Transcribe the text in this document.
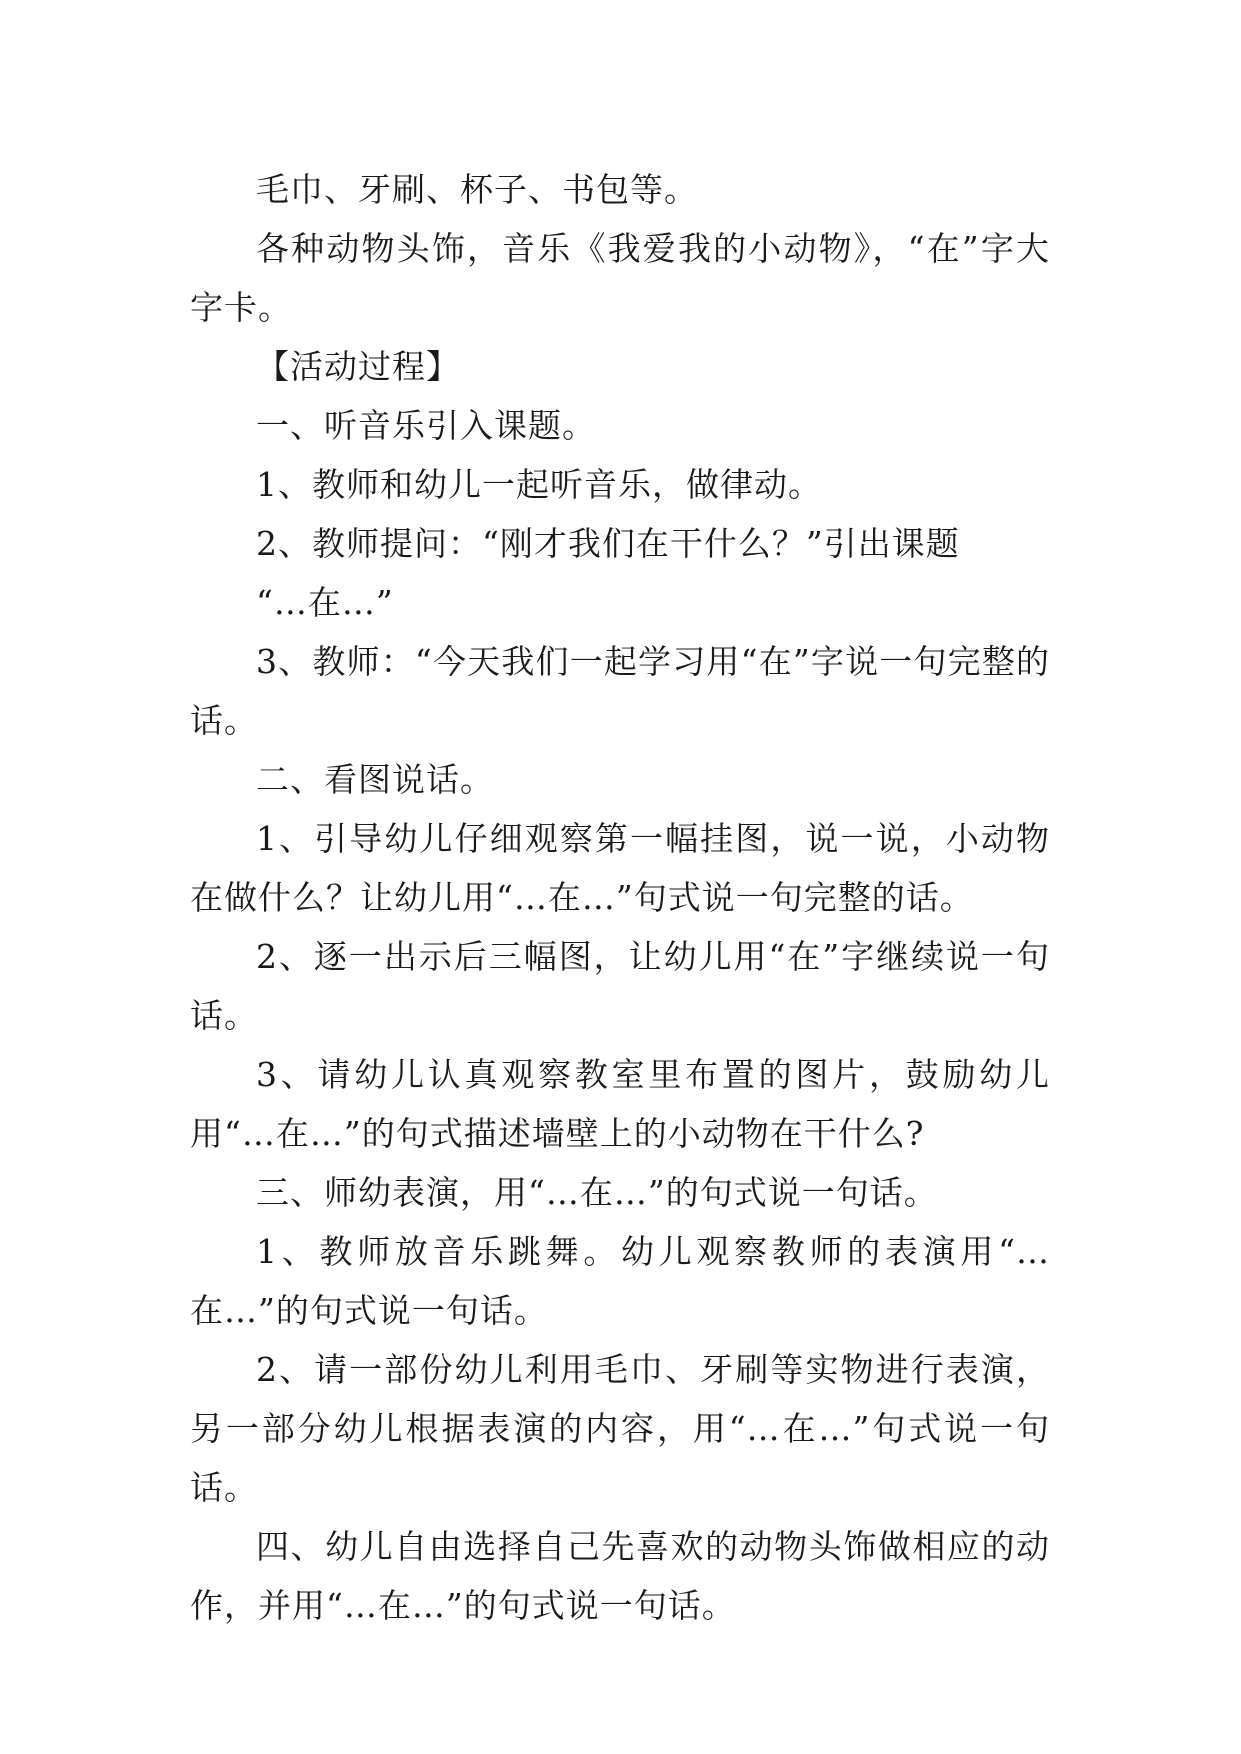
毛巾、牙刷、杯子、书包等。

各种动物头饰，音乐《我爱我的小动物》，“在”字大字卡。

【活动过程】

一、听音乐引入课题。

1、教师和幼儿一起听音乐，做律动。

2、教师提问：“刚才我们在干什么？”引出课题

“…在…”

3、教师：“今天我们一起学习用“在”字说一句完整的话。

二、看图说话。

1、引导幼儿仔细观察第一幅挂图，说一说，小动物在做什么？让幼儿用“…在…”句式说一句完整的话。

2、逐一出示后三幅图，让幼儿用“在”字继续说一句话。

3、请幼儿认真观察教室里布置的图片，鼓励幼儿用“…在…”的句式描述墙壁上的小动物在干什么?

三、师幼表演，用“…在…”的句式说一句话。

1、教师放音乐跳舞。幼儿观察教师的表演用“…在…”的句式说一句话。

2、请一部份幼儿利用毛巾、牙刷等实物进行表演，另一部分幼儿根据表演的内容，用“…在…”句式说一句话。

四、幼儿自由选择自己先喜欢的动物头饰做相应的动作，并用“…在…”的句式说一句话。
